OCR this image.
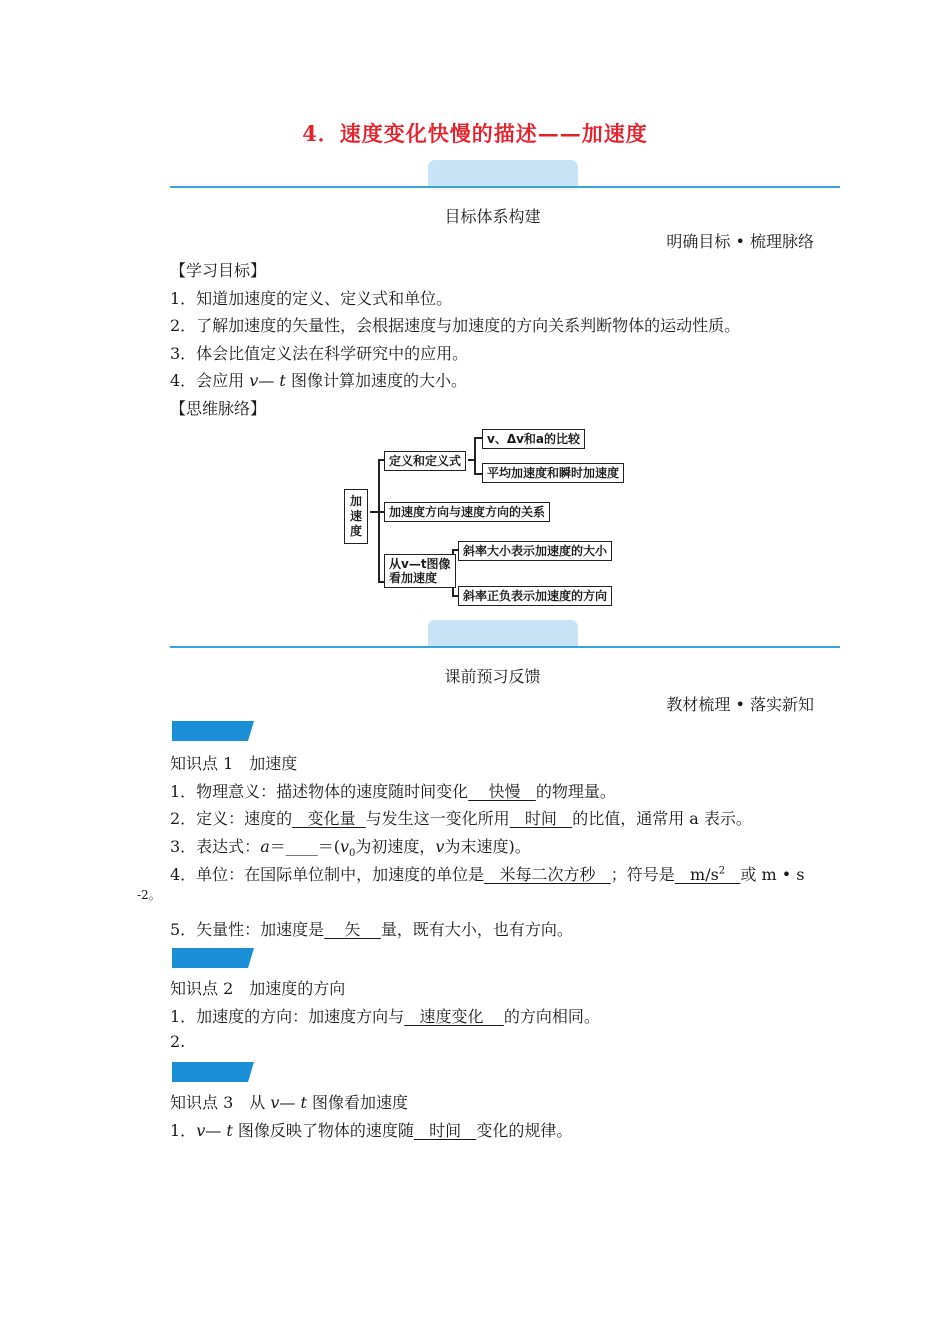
4．速度变化快慢的描述——加速度
目标体系构建
明确目标 • 梳理脉络
【学习目标】
1．知道加速度的定义、定义式和单位。
2．了解加速度的矢量性，会根据速度与加速度的方向关系判断物体的运动性质。
3．体会比值定义法在科学研究中的应用。
4．会应用 v— t 图像计算加速度的大小。
【思维脉络】
加速度
定义和定义式
v、Δv和a的比较
平均加速度和瞬时加速度
加速度方向与速度方向的关系
从v—t图像
看加速度
斜率大小表示加速度的大小
斜率正负表示加速度的方向
课前预习反馈
教材梳理 • 落实新知
知识点 1　加速度
1．物理意义：描述物体的速度随时间变化 快慢 的物理量。
2．定义：速度的 变化量 与发生这一变化所用 时间 的比值，通常用 a 表示。
3．表达式：$a=\_\_\_\_=(v_0$为初速度，v为末速度)。
4．单位：在国际单位制中，加速度的单位是 米每二次方秒 ；符号是 $m/s^2$ 或 m • s
-2。
5．矢量性：加速度是 矢 量，既有大小，也有方向。
知识点 2　加速度的方向
1．加速度的方向：加速度方向与 速度变化 的方向相同。
2.
知识点 3　从 v— t 图像看加速度
1．v— t 图像反映了物体的速度随 时间 变化的规律。
